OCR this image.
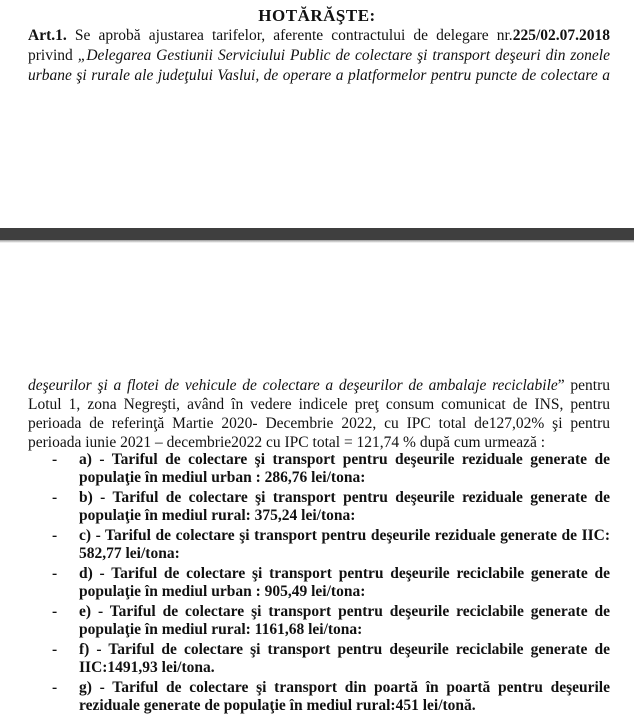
HOTĂRĂŞTE:
Art.1. Se aprobă ajustarea tarifelor, aferente contractului de delegare nr.225/02.07.2018
privind „Delegarea Gestiunii Serviciului Public de colectare şi transport deşeuri din zonele
urbane şi rurale ale judeţului Vaslui, de operare a platformelor pentru puncte de colectare a
deşeurilor şi a flotei de vehicule de colectare a deşeurilor de ambalaje reciclabile” pentru
Lotul 1, zona Negreşti, având în vedere indicele preţ consum comunicat de INS, pentru
perioada de referinţă Martie 2020- Decembrie 2022, cu IPC total de127,02% şi pentru
perioada iunie 2021 – decembrie2022 cu IPC total = 121,74 % după cum urmează :
- a) - Tariful de colectare şi transport pentru deşeurile reziduale generate de
populaţie în mediul urban : 286,76 lei/tona:
- b) - Tariful de colectare şi transport pentru deşeurile reziduale generate de
populaţie în mediul rural: 375,24 lei/tona:
- c) - Tariful de colectare şi transport pentru deşeurile reziduale generate de IIC:
582,77 lei/tona:
- d) - Tariful de colectare şi transport pentru deşeurile reciclabile generate de
populaţie în mediul urban : 905,49 lei/tona:
- e) - Tariful de colectare şi transport pentru deşeurile reciclabile generate de
populaţie în mediul rural: 1161,68 lei/tona:
- f) - Tariful de colectare şi transport pentru deşeurile reciclabile generate de
IIC:1491,93 lei/tona.
- g) - Tariful de colectare şi transport din poartă în poartă pentru deşeurile
reziduale generate de populaţie în mediul rural:451 lei/tonă.
